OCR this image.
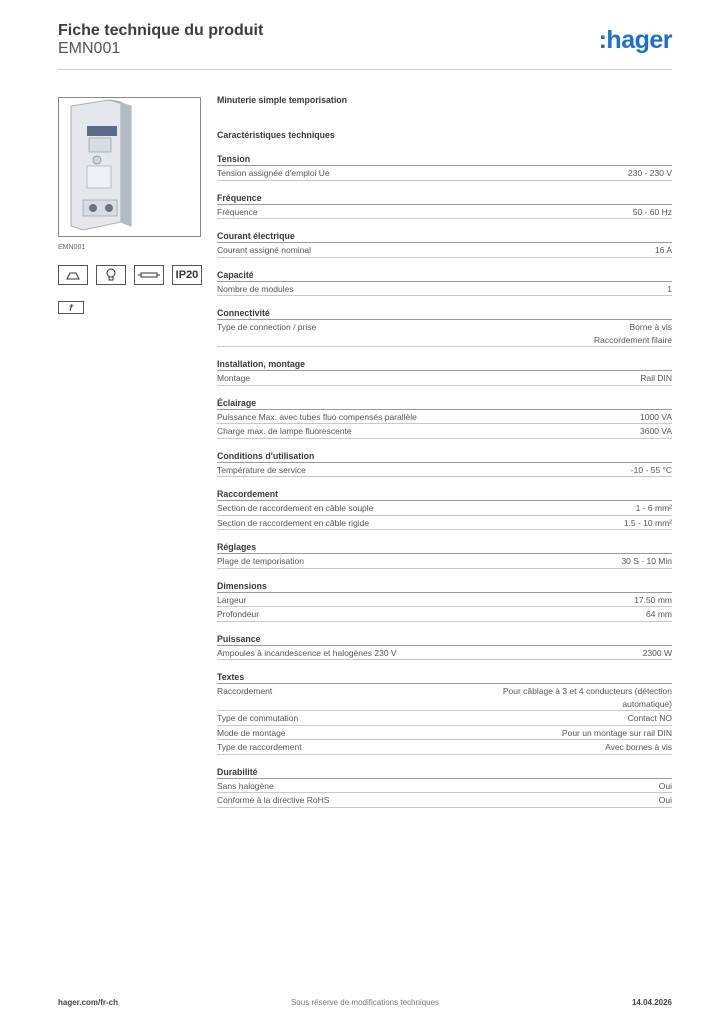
Fiche technique du produit
EMN001	:hager
EMN001
IP20
Minuterie simple temporisation
Caractéristiques techniques
Tension
Tension assignée d'emploi Ue	230 - 230 V
Fréquence
Fréquence	50 - 60 Hz
Courant électrique
Courant assigné nominal	16 A
Capacité
Nombre de modules	1
Connectivité
Type de connection / prise	Borne à vis
Raccordement filaire
Installation, montage
Montage	Rail DIN
Éclairage
Puissance Max. avec tubes fluo compensés parallèle	1000 VA
Charge max. de lampe fluorescente	3600 VA
Conditions d'utilisation
Température de service	-10 - 55 °C
Raccordement
Section de raccordement en câble souple	1 - 6 mm²
Section de raccordement en câble rigide	1.5 - 10 mm²
Réglages
Plage de temporisation	30 S - 10 Min
Dimensions
Largeur	17.50 mm
Profondeur	64 mm
Puissance
Ampoules à incandescence et halogènes 230 V	2300 W
Textes
Raccordement	Pour câblage à 3 et 4 conducteurs (détection
automatique)
Type de commutation	Contact NO
Mode de montage	Pour un montage sur rail DIN
Type de raccordement	Avec bornes à vis
Durabilité
Sans halogène	Oui
Conforme à la directive RoHS	Oui
Sous réserve de modifications techniques
hager.com/fr-ch	14.04.2026
